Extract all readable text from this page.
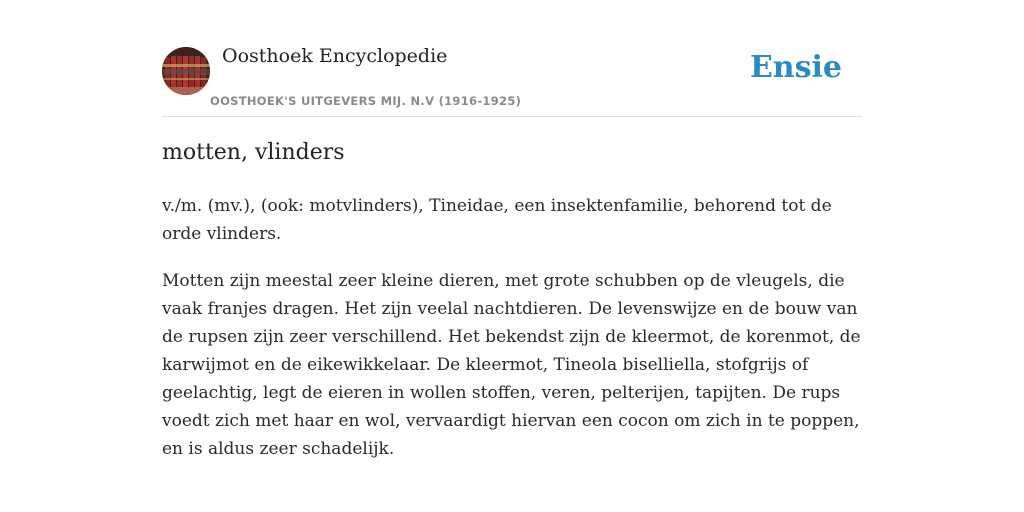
Oosthoek Encyclopedie
OOSTHOEK'S UITGEVERS MIJ. N.V (1916-1925)
Ensie
motten, vlinders

v./m. (mv.), (ook: motvlinders), Tineidae, een insektenfamilie, behorend tot de orde vlinders.

Motten zijn meestal zeer kleine dieren, met grote schubben op de vleugels, die vaak franjes dragen. Het zijn veelal nachtdieren. De levenswijze en de bouw van de rupsen zijn zeer verschillend. Het bekendst zijn de kleermot, de korenmot, de karwijmot en de eikewikkelaar. De kleermot, Tineola biselliella, stofgrijs of geelachtig, legt de eieren in wollen stoffen, veren, pelterijen, tapijten. De rups voedt zich met haar en wol, vervaardigt hiervan een cocon om zich in te poppen, en is aldus zeer schadelijk.
